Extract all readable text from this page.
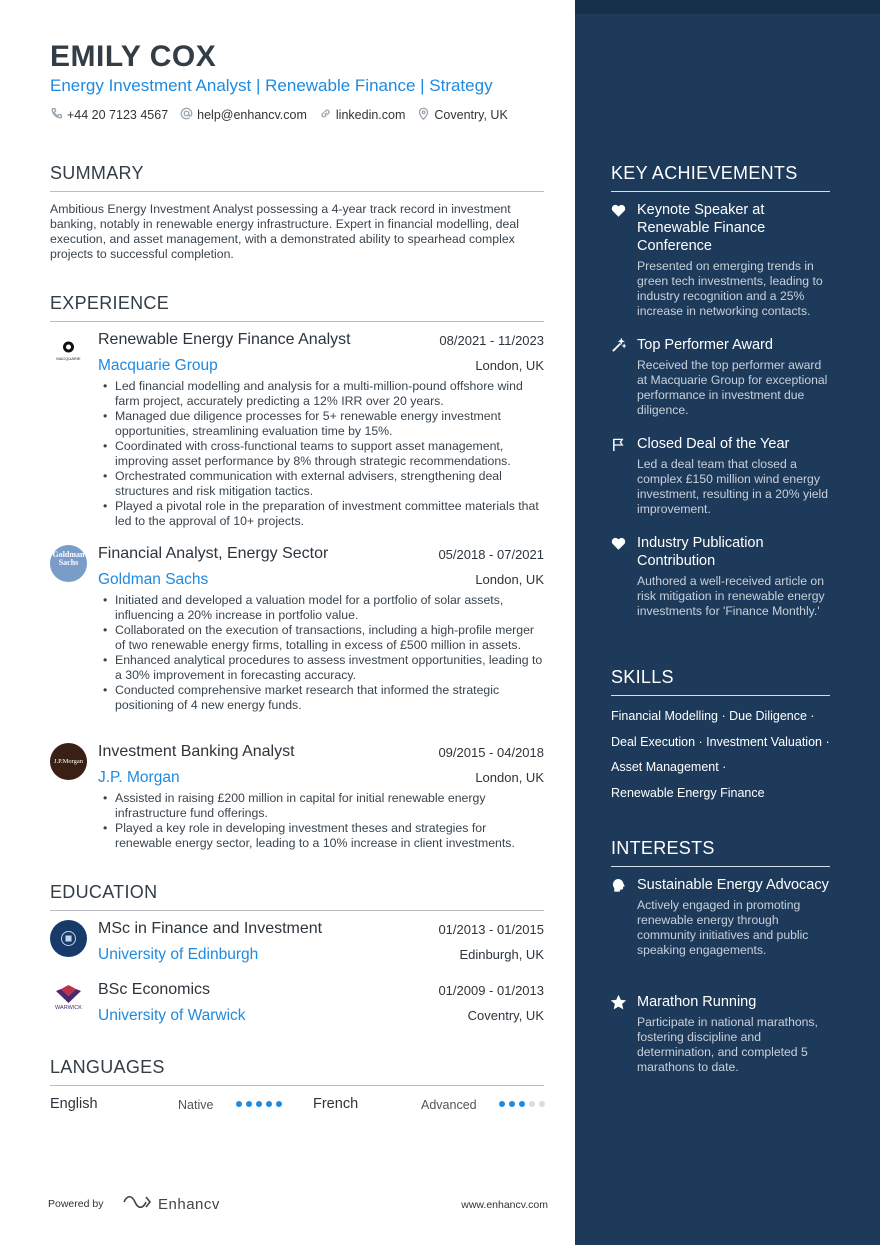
EMILY COX
Energy Investment Analyst | Renewable Finance | Strategy
+44 20 7123 4567 help@enhancv.com linkedin.com Coventry, UK
SUMMARY
Ambitious Energy Investment Analyst possessing a 4-year track record in investment banking, notably in renewable energy infrastructure. Expert in financial modelling, deal execution, and asset management, with a demonstrated ability to spearhead complex projects to successful completion.
EXPERIENCE
MACQUARIE
Renewable Energy Finance Analyst	08/2021 - 11/2023
Macquarie Group	London, UK
• Led financial modelling and analysis for a multi-million-pound offshore wind farm project, accurately predicting a 12% IRR over 20 years.
• Managed due diligence processes for 5+ renewable energy investment opportunities, streamlining evaluation time by 15%.
• Coordinated with cross-functional teams to support asset management, improving asset performance by 8% through strategic recommendations.
• Orchestrated communication with external advisers, strengthening deal structures and risk mitigation tactics.
• Played a pivotal role in the preparation of investment committee materials that led to the approval of 10+ projects.
Goldman Sachs	Financial Analyst, Energy Sector	05/2018 - 07/2021
Goldman Sachs	London, UK
• Initiated and developed a valuation model for a portfolio of solar assets, influencing a 20% increase in portfolio value.
• Collaborated on the execution of transactions, including a high-profile merger of two renewable energy firms, totalling in excess of £500 million in assets.
• Enhanced analytical procedures to assess investment opportunities, leading to a 30% improvement in forecasting accuracy.
• Conducted comprehensive market research that informed the strategic positioning of 4 new energy funds.
J.P.Morgan
Investment Banking Analyst	09/2015 - 04/2018
J.P. Morgan	London, UK
• Assisted in raising £200 million in capital for initial renewable energy infrastructure fund offerings.
• Played a key role in developing investment theses and strategies for renewable energy sector, leading to a 10% increase in client investments.
EDUCATION
MSc in Finance and Investment	01/2013 - 01/2015
University of Edinburgh	Edinburgh, UK
WARWICK
BSc Economics	01/2009 - 01/2013
University of Warwick	Coventry, UK
LANGUAGES
English	Native	French	Advanced
Powered by	Enhancv	www.enhancv.com
KEY ACHIEVEMENTS
Keynote Speaker at Renewable Finance Conference
Presented on emerging trends in green tech investments, leading to industry recognition and a 25% increase in networking contacts.
Top Performer Award
Received the top performer award at Macquarie Group for exceptional performance in investment due diligence.
Closed Deal of the Year
Led a deal team that closed a complex £150 million wind energy investment, resulting in a 20% yield improvement.
Industry Publication Contribution
Authored a well-received article on risk mitigation in renewable energy investments for 'Finance Monthly.'
SKILLS
Financial Modelling · Due Diligence ·
Deal Execution · Investment Valuation ·
Asset Management ·
Renewable Energy Finance
INTERESTS
Sustainable Energy Advocacy
Actively engaged in promoting renewable energy through community initiatives and public speaking engagements.
Marathon Running
Participate in national marathons, fostering discipline and determination, and completed 5 marathons to date.
